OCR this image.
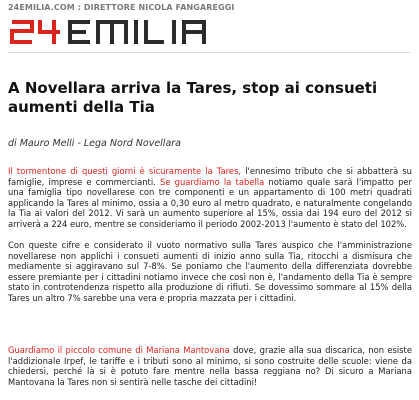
24EMILIA.COM : DIRETTORE NICOLA FANGAREGGI
A Novellara arriva la Tares, stop ai consueti aumenti della Tia
di Mauro Melli - Lega Nord Novellara
Il tormentone di questi giorni è sicuramente la Tares, l'ennesimo tributo che si abbatterà su famiglie, imprese e commercianti. Se guardiamo la tabella notiamo quale sarà l'impatto per una famiglia tipo novellarese con tre componenti e un appartamento di 100 metri quadrati applicando la Tares al minimo, ossia a 0,30 euro al metro quadrato, e naturalmente congelando la Tia ai valori del 2012. Vi sarà un aumento superiore al 15%, ossia dai 194 euro del 2012 si arriverà a 224 euro, mentre se consideriamo il periodo 2002-2013 l'aumento è stato del 102%.
Con queste cifre e considerato il vuoto normativo sulla Tares auspico che l'amministrazione novellarese non applichi i consueti aumenti di inizio anno sulla Tia, ritocchi a dismisura che mediamente si aggiravano sul 7-8%. Se poniamo che l'aumento della differenziata dovrebbe essere premiante per i cittadini notiamo invece che così non è, l'andamento della Tia è sempre stato in controtendenza rispetto alla produzione di rifiuti. Se dovessimo sommare al 15% della Tares un altro 7% sarebbe una vera e propria mazzata per i cittadini.
Guardiamo il piccolo comune di Mariana Mantovana dove, grazie alla sua discarica, non esiste l'addizionale Irpef, le tariffe e i tributi sono al minimo, si sono costruite delle scuole: viene da chiedersi, perché là si è potuto fare mentre nella bassa reggiana no? Di sicuro a Mariana Mantovana la Tares non si sentirà nelle tasche dei cittadini!
